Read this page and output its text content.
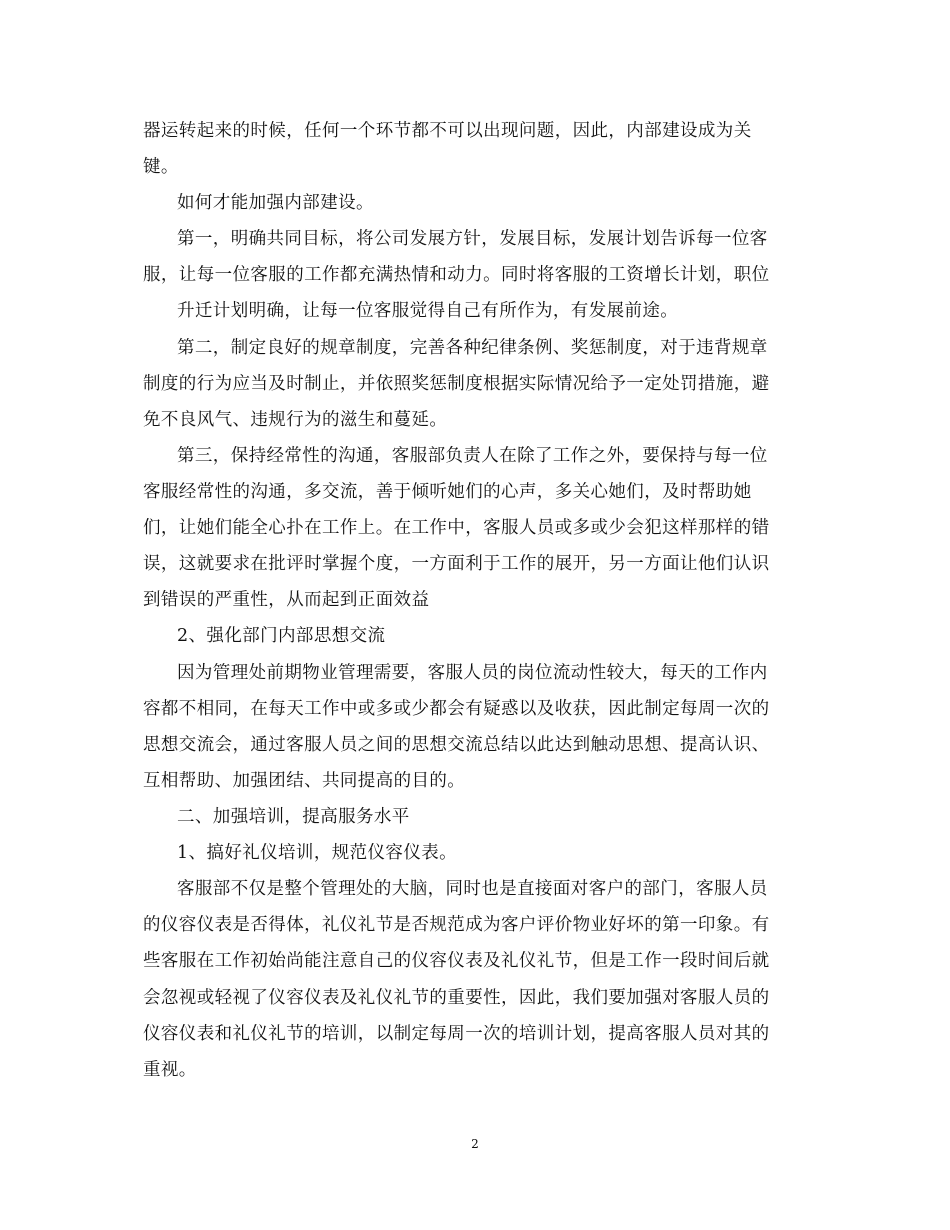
器运转起来的时候，任何一个环节都不可以出现问题，因此，内部建设成为关
键。
如何才能加强内部建设。
第一，明确共同目标，将公司发展方针，发展目标，发展计划告诉每一位客
服，让每一位客服的工作都充满热情和动力。同时将客服的工资增长计划，职位
升迁计划明确，让每一位客服觉得自己有所作为，有发展前途。
第二，制定良好的规章制度，完善各种纪律条例、奖惩制度，对于违背规章
制度的行为应当及时制止，并依照奖惩制度根据实际情况给予一定处罚措施，避
免不良风气、违规行为的滋生和蔓延。
第三，保持经常性的沟通，客服部负责人在除了工作之外，要保持与每一位
客服经常性的沟通，多交流，善于倾听她们的心声，多关心她们，及时帮助她
们，让她们能全心扑在工作上。在工作中，客服人员或多或少会犯这样那样的错
误，这就要求在批评时掌握个度，一方面利于工作的展开，另一方面让他们认识
到错误的严重性，从而起到正面效益
2、强化部门内部思想交流
因为管理处前期物业管理需要，客服人员的岗位流动性较大，每天的工作内
容都不相同，在每天工作中或多或少都会有疑惑以及收获，因此制定每周一次的
思想交流会，通过客服人员之间的思想交流总结以此达到触动思想、提高认识、
互相帮助、加强团结、共同提高的目的。
二、加强培训，提高服务水平
1、搞好礼仪培训，规范仪容仪表。
客服部不仅是整个管理处的大脑，同时也是直接面对客户的部门，客服人员
的仪容仪表是否得体，礼仪礼节是否规范成为客户评价物业好坏的第一印象。有
些客服在工作初始尚能注意自己的仪容仪表及礼仪礼节，但是工作一段时间后就
会忽视或轻视了仪容仪表及礼仪礼节的重要性，因此，我们要加强对客服人员的
仪容仪表和礼仪礼节的培训，以制定每周一次的培训计划，提高客服人员对其的
重视。
2
